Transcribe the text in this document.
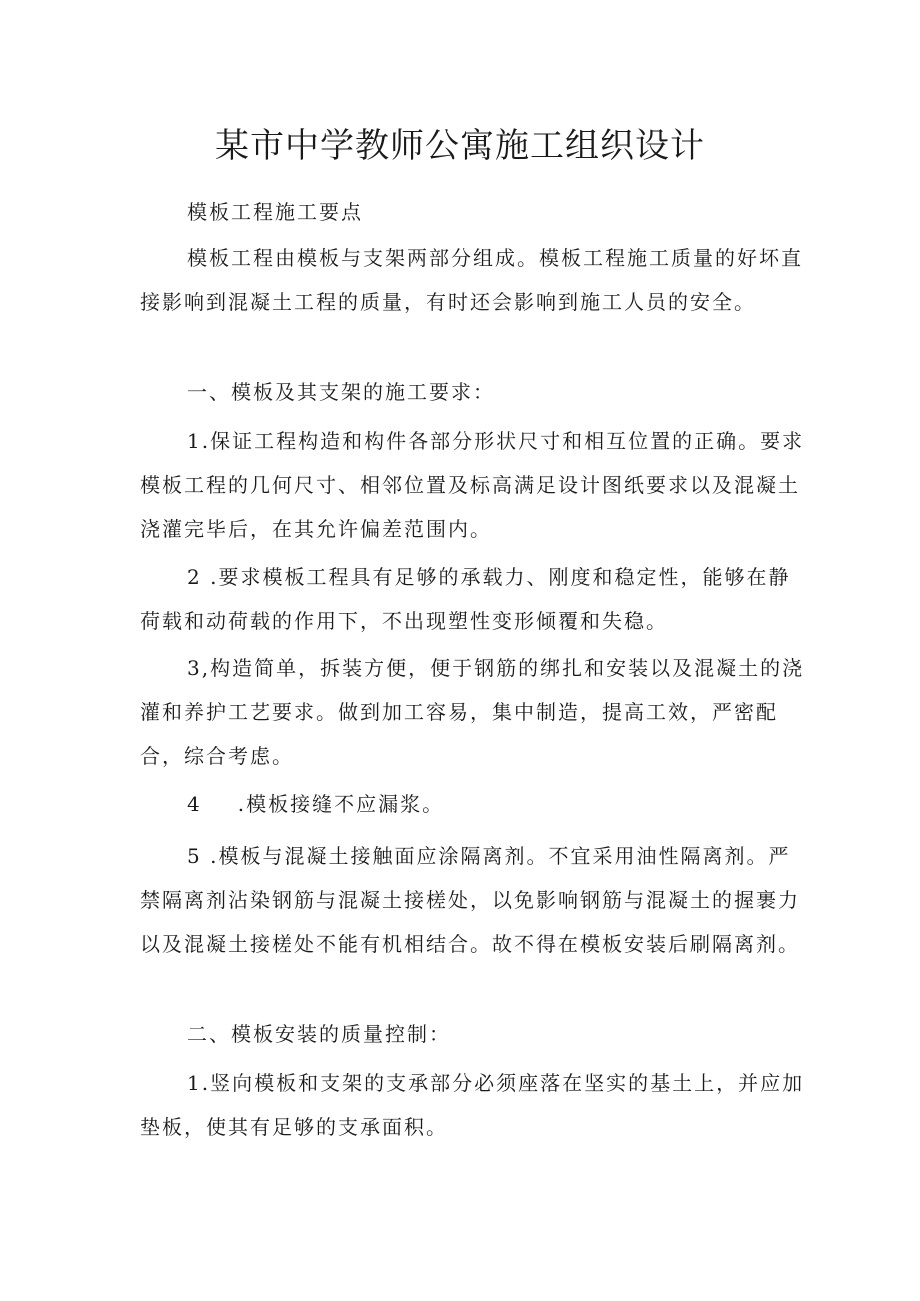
某市中学教师公寓施工组织设计

模板工程施工要点

模板工程由模板与支架两部分组成。模板工程施工质量的好坏直接影响到混凝土工程的质量，有时还会影响到施工人员的安全。

一、模板及其支架的施工要求：

1.保证工程构造和构件各部分形状尺寸和相互位置的正确。要求模板工程的几何尺寸、相邻位置及标高满足设计图纸要求以及混凝土浇灌完毕后，在其允许偏差范围内。

2 .要求模板工程具有足够的承载力、刚度和稳定性，能够在静荷载和动荷载的作用下，不出现塑性变形倾覆和失稳。

3,构造简单，拆装方便，便于钢筋的绑扎和安装以及混凝土的浇灌和养护工艺要求。做到加工容易，集中制造，提高工效，严密配合，综合考虑。

4 .模板接缝不应漏浆。

5 .模板与混凝土接触面应涂隔离剂。不宜采用油性隔离剂。严禁隔离剂沾染钢筋与混凝土接槎处，以免影响钢筋与混凝土的握裹力以及混凝土接槎处不能有机相结合。故不得在模板安装后刷隔离剂。

二、模板安装的质量控制：

1.竖向模板和支架的支承部分必须座落在坚实的基土上，并应加垫板，使其有足够的支承面积。
